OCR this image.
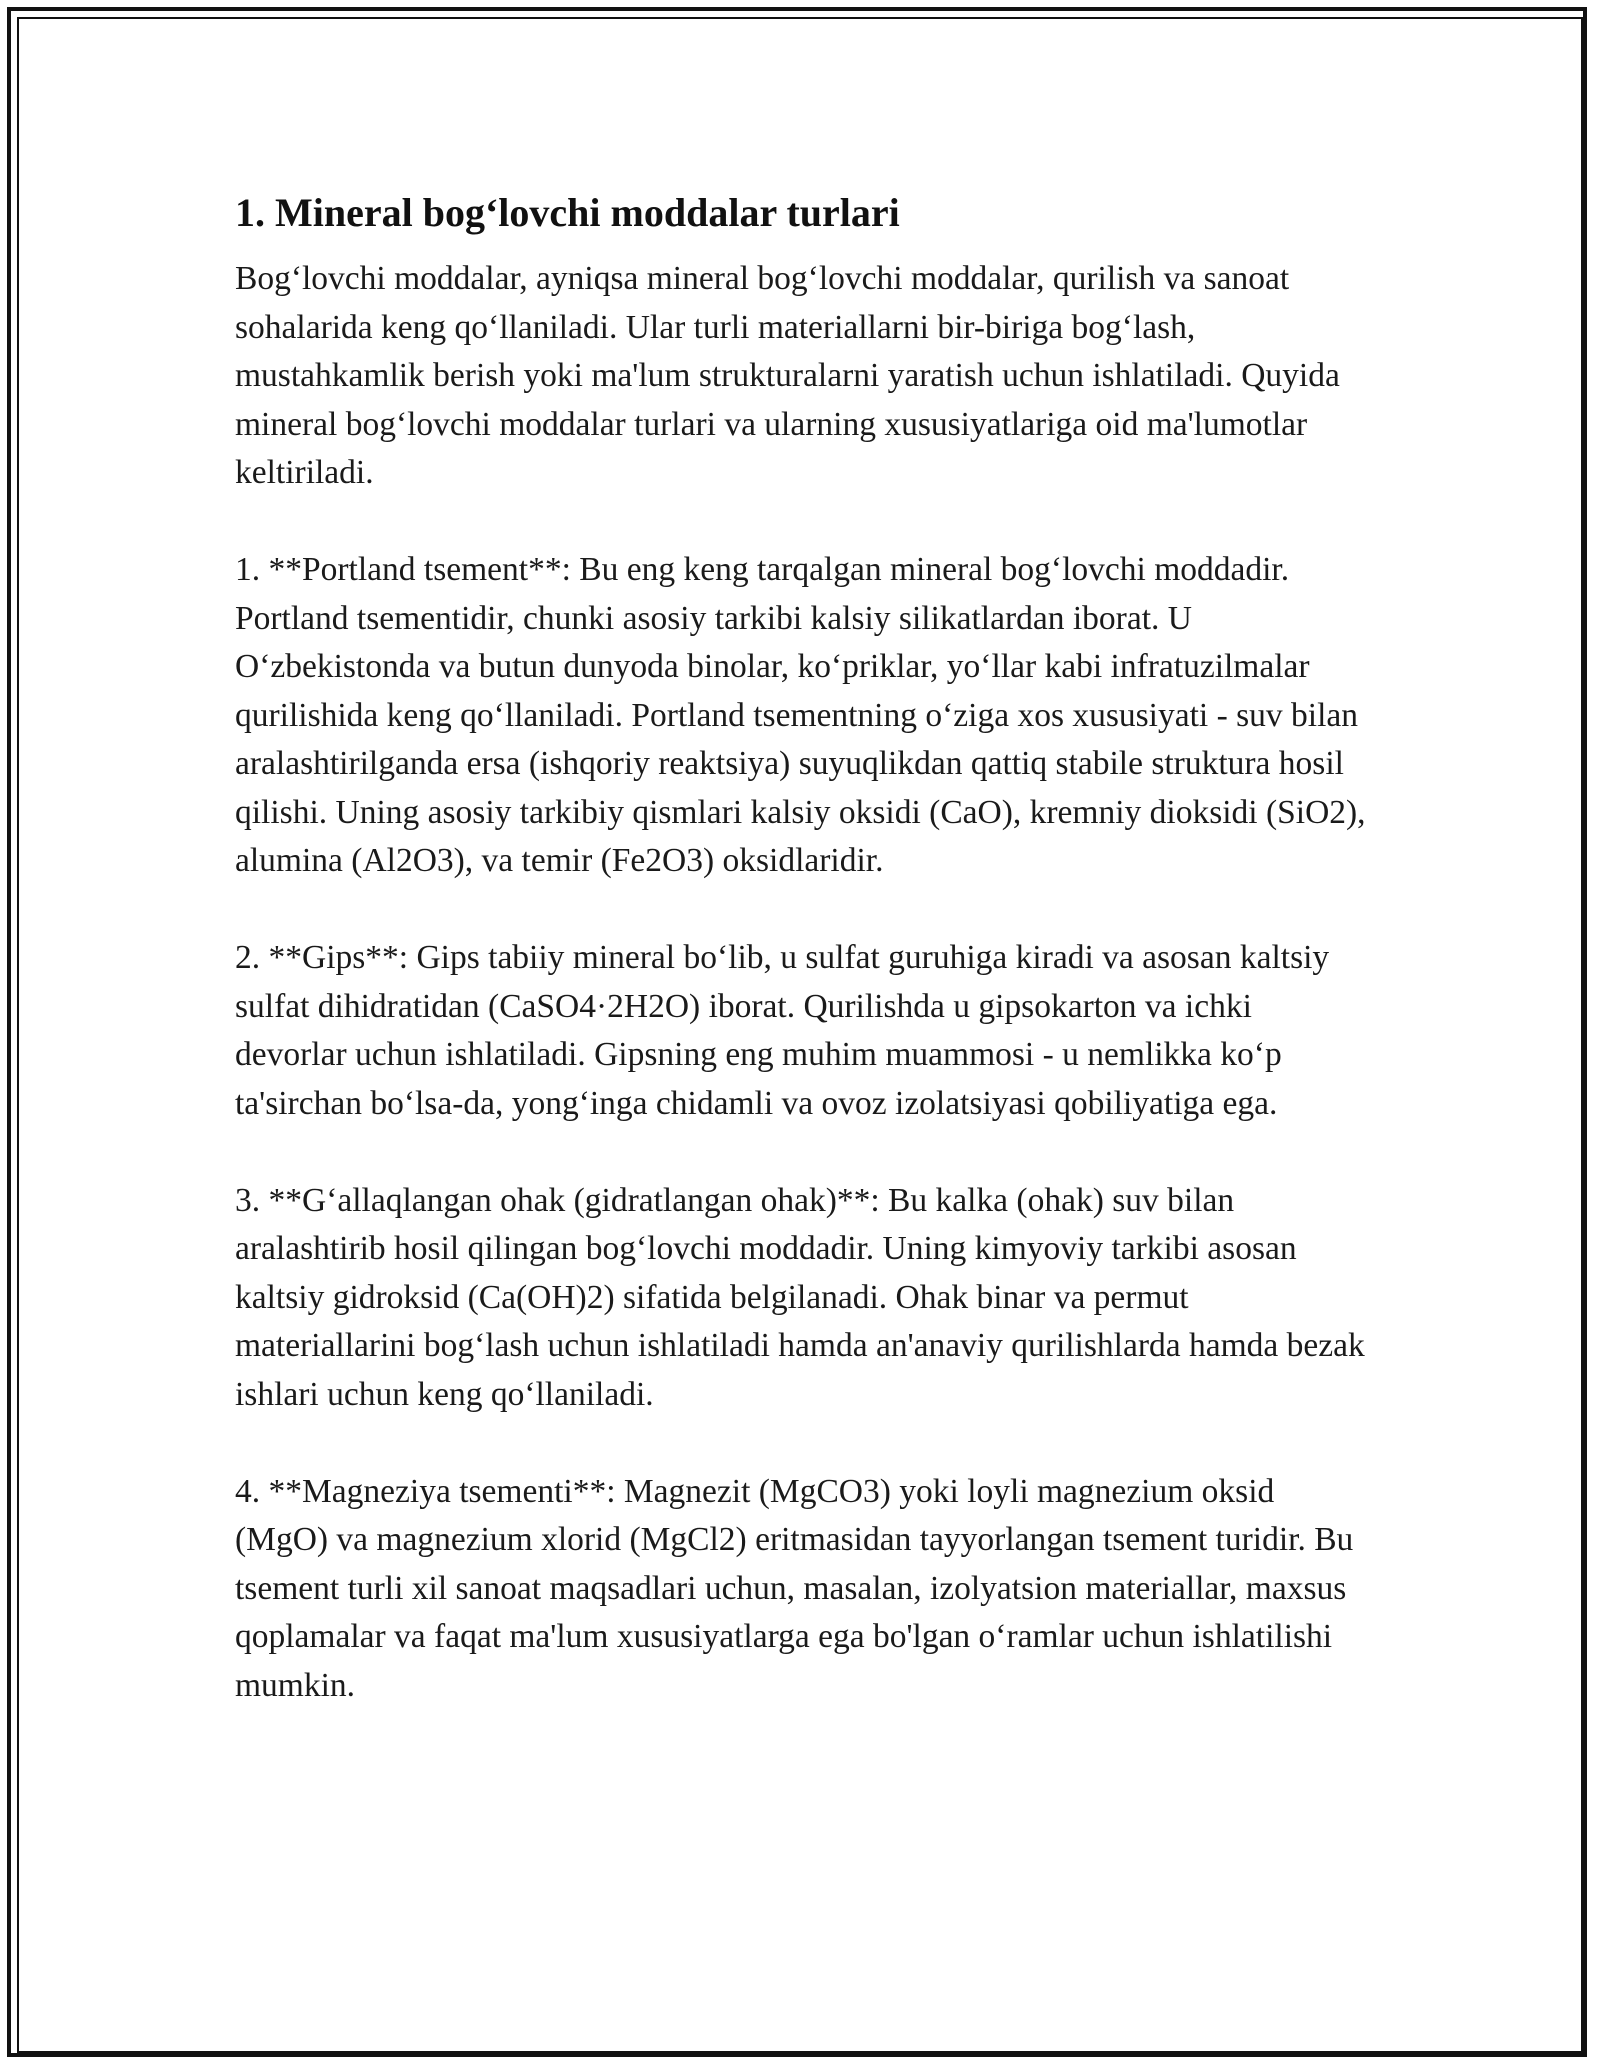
1. Mineral bog‘lovchi moddalar turlari

Bog‘lovchi moddalar, ayniqsa mineral bog‘lovchi moddalar, qurilish va sanoat sohalarida keng qo‘llaniladi. Ular turli materiallarni bir-biriga bog‘lash, mustahkamlik berish yoki ma'lum strukturalarni yaratish uchun ishlatiladi. Quyida mineral bog‘lovchi moddalar turlari va ularning xususiyatlariga oid ma'lumotlar keltiriladi.

1. **Portland tsement**: Bu eng keng tarqalgan mineral bog‘lovchi moddadir. Portland tsementidir, chunki asosiy tarkibi kalsiy silikatlardan iborat. U O‘zbekistonda va butun dunyoda binolar, ko‘priklar, yo‘llar kabi infratuzilmalar qurilishida keng qo‘llaniladi. Portland tsementning o‘ziga xos xususiyati - suv bilan aralashtirilganda ersa (ishqoriy reaktsiya) suyuqlikdan qattiq stabile struktura hosil qilishi. Uning asosiy tarkibiy qismlari kalsiy oksidi (CaO), kremniy dioksidi (SiO2), alumina (Al2O3), va temir (Fe2O3) oksidlaridir.

2. **Gips**: Gips tabiiy mineral bo‘lib, u sulfat guruhiga kiradi va asosan kaltsiy sulfat dihidratidan (CaSO4·2H2O) iborat. Qurilishda u gipsokarton va ichki devorlar uchun ishlatiladi. Gipsning eng muhim muammosi - u nemlikka ko‘p ta'sirchan bo‘lsa-da, yong‘inga chidamli va ovoz izolatsiyasi qobiliyatiga ega.

3. **G‘allaqlangan ohak (gidratlangan ohak)**: Bu kalka (ohak) suv bilan aralashtirib hosil qilingan bog‘lovchi moddadir. Uning kimyoviy tarkibi asosan kaltsiy gidroksid (Ca(OH)2) sifatida belgilanadi. Ohak binar va permut materiallarini bog‘lash uchun ishlatiladi hamda an'anaviy qurilishlarda hamda bezak ishlari uchun keng qo‘llaniladi.

4. **Magneziya tsementi**: Magnezit (MgCO3) yoki loyli magnezium oksid (MgO) va magnezium xlorid (MgCl2) eritmasidan tayyorlangan tsement turidir. Bu tsement turli xil sanoat maqsadlari uchun, masalan, izolyatsion materiallar, maxsus qoplamalar va faqat ma'lum xususiyatlarga ega bo'lgan o‘ramlar uchun ishlatilishi mumkin.
